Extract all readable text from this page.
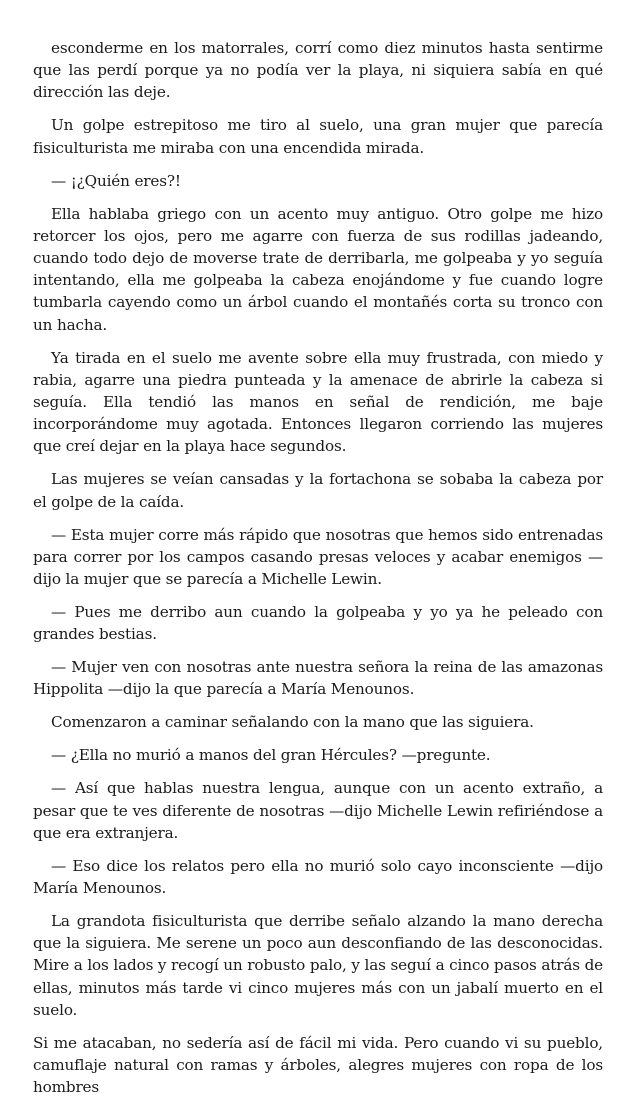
esconderme en los matorrales, corrí como diez minutos hasta sentirme que las perdí porque ya no podía ver la playa, ni siquiera sabía en qué dirección las deje.

Un golpe estrepitoso me tiro al suelo, una gran mujer que parecía fisiculturista me miraba con una encendida mirada.

— ¡¿Quién eres?!

Ella hablaba griego con un acento muy antiguo. Otro golpe me hizo retorcer los ojos, pero me agarre con fuerza de sus rodillas jadeando, cuando todo dejo de moverse trate de derribarla, me golpeaba y yo seguía intentando, ella me golpeaba la cabeza enojándome y fue cuando logre tumbarla cayendo como un árbol cuando el montañés corta su tronco con un hacha.

Ya tirada en el suelo me avente sobre ella muy frustrada, con miedo y rabia, agarre una piedra punteada y la amenace de abrirle la cabeza si seguía. Ella tendió las manos en señal de rendición, me baje incorporándome muy agotada. Entonces llegaron corriendo las mujeres que creí dejar en la playa hace segundos.

Las mujeres se veían cansadas y la fortachona se sobaba la cabeza por el golpe de la caída.

— Esta mujer corre más rápido que nosotras que hemos sido entrenadas para correr por los campos casando presas veloces y acabar enemigos —dijo la mujer que se parecía a Michelle Lewin.

— Pues me derribo aun cuando la golpeaba y yo ya he peleado con grandes bestias.

— Mujer ven con nosotras ante nuestra señora la reina de las amazonas Hippolita —dijo la que parecía a María Menounos.

Comenzaron a caminar señalando con la mano que las siguiera.

— ¿Ella no murió a manos del gran Hércules? —pregunte.

— Así que hablas nuestra lengua, aunque con un acento extraño, a pesar que te ves diferente de nosotras —dijo Michelle Lewin refiriéndose a que era extranjera.

— Eso dice los relatos pero ella no murió solo cayo inconsciente —dijo María Menounos.

La grandota fisiculturista que derribe señalo alzando la mano derecha que la siguiera. Me serene un poco aun desconfiando de las desconocidas. Mire a los lados y recogí un robusto palo, y las seguí a cinco pasos atrás de ellas, minutos más tarde vi cinco mujeres más con un jabalí muerto en el suelo.

Si me atacaban, no sedería así de fácil mi vida. Pero cuando vi su pueblo, camuflaje natural con ramas y árboles, alegres mujeres con ropa de los hombres
